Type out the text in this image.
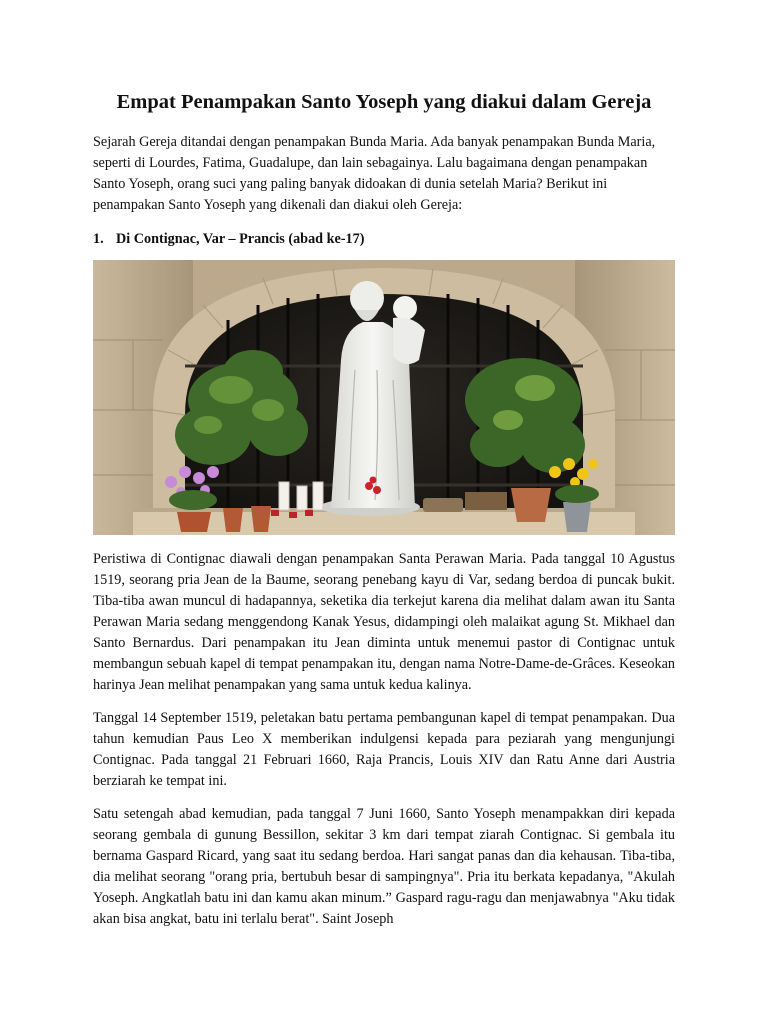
Empat Penampakan Santo Yoseph yang diakui dalam Gereja

Sejarah Gereja ditandai dengan penampakan Bunda Maria. Ada banyak penampakan Bunda Maria, seperti di Lourdes, Fatima, Guadalupe, dan lain sebagainya. Lalu bagaimana dengan penampakan Santo Yoseph, orang suci yang paling banyak didoakan di dunia setelah Maria? Berikut ini penampakan Santo Yoseph yang dikenali dan diakui oleh Gereja:

1. Di Contignac, Var – Prancis (abad ke-17)

Peristiwa di Contignac diawali dengan penampakan Santa Perawan Maria. Pada tanggal 10 Agustus 1519, seorang pria Jean de la Baume, seorang penebang kayu di Var, sedang berdoa di puncak bukit. Tiba-tiba awan muncul di hadapannya, seketika dia terkejut karena dia melihat dalam awan itu Santa Perawan Maria sedang menggendong Kanak Yesus, didampingi oleh malaikat agung St. Mikhael dan Santo Bernardus. Dari penampakan itu Jean diminta untuk menemui pastor di Contignac untuk membangun sebuah kapel di tempat penampakan itu, dengan nama Notre-Dame-de-Grâces. Keseokan harinya Jean melihat penampakan yang sama untuk kedua kalinya.

Tanggal 14 September 1519, peletakan batu pertama pembangunan kapel di tempat penampakan. Dua tahun kemudian Paus Leo X memberikan indulgensi kepada para peziarah yang mengunjungi Contignac. Pada tanggal 21 Februari 1660, Raja Prancis, Louis XIV dan Ratu Anne dari Austria berziarah ke tempat ini.

Satu setengah abad kemudian, pada tanggal 7 Juni 1660, Santo Yoseph menampakkan diri kepada seorang gembala di gunung Bessillon, sekitar 3 km dari tempat ziarah Contignac. Si gembala itu bernama Gaspard Ricard, yang saat itu sedang berdoa. Hari sangat panas dan dia kehausan. Tiba-tiba, dia melihat seorang "orang pria, bertubuh besar di sampingnya". Pria itu berkata kepadanya, "Akulah Yoseph. Angkatlah batu ini dan kamu akan minum.” Gaspard ragu-ragu dan menjawabnya "Aku tidak akan bisa angkat, batu ini terlalu berat". Saint Joseph
